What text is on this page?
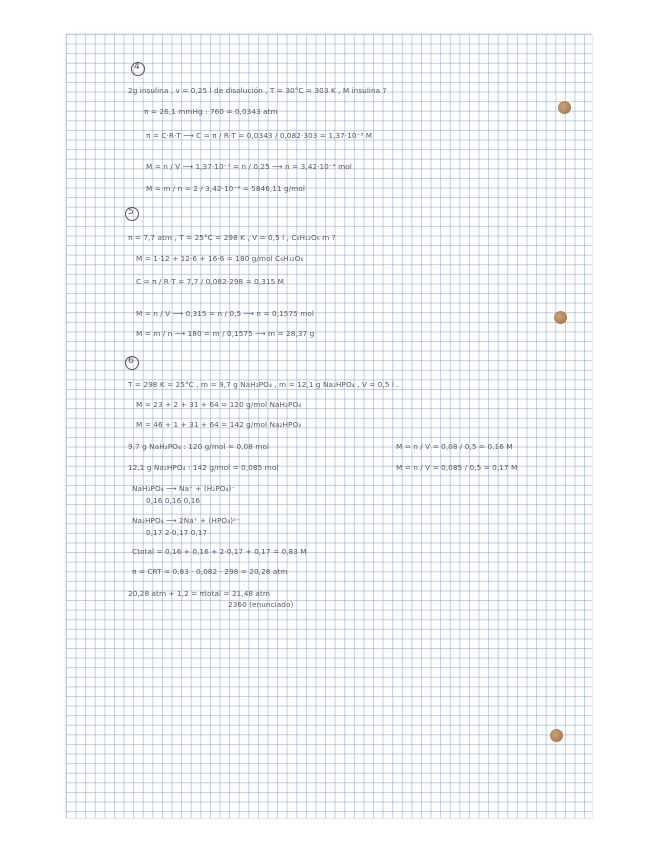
4
2g insulina , v = 0,25 l de disolución , T = 30°C = 303 K , M insulina ?
π = 26,1 mmHg : 760 = 0,0343 atm
π = C·R·T ⟶ C = π / R·T = 0,0343 / 0,082·303 = 1,37·10⁻³ M
M = n / V ⟶ 1,37·10⁻³ = n / 0,25 ⟶ n = 3,42·10⁻⁴ mol
M = m / n = 2 / 3,42·10⁻⁴ = 5846,11 g/mol
5
π = 7,7 atm , T = 25°C = 298 K , V = 0,5 l , C₆H₁₂O₆ m ?
M = 1·12 + 12·6 + 16·6 = 180 g/mol C₆H₁₂O₆
C = π / R·T = 7,7 / 0,082·298 = 0,315 M
M = n / V ⟶ 0,315 = n / 0,5 ⟶ n = 0,1575 mol
M = m / n ⟶ 180 = m / 0,1575 ⟶ m = 28,37 g
6
T = 298 K = 25°C , m = 9,7 g NaH₂PO₄ , m = 12,1 g Na₂HPO₄ , V = 0,5 l .
M = 23 + 2 + 31 + 64 = 120 g/mol NaH₂PO₄
M = 46 + 1 + 31 + 64 = 142 g/mol Na₂HPO₄
9,7 g NaH₂PO₄ : 120 g/mol = 0,08 mol	M = n / V = 0,08 / 0,5 = 0,16 M
12,1 g Na₂HPO₄ : 142 g/mol = 0,085 mol	M = n / V = 0,085 / 0,5 = 0,17 M
NaH₂PO₄ ⟶ Na⁺ + (H₂PO₄)⁻
0,16 0,16 0,16
Na₂HPO₄ ⟶ 2Na⁺ + (HPO₄)²⁻
0,17 2·0,17 0,17
Ctotal = 0,16 + 0,16 + 2·0,17 + 0,17 = 0,83 M
π = CRT = 0,83 · 0,082 · 298 = 20,28 atm
20,28 atm + 1,2 = πtotal = 21,48 atm
2360 (enunciado)
